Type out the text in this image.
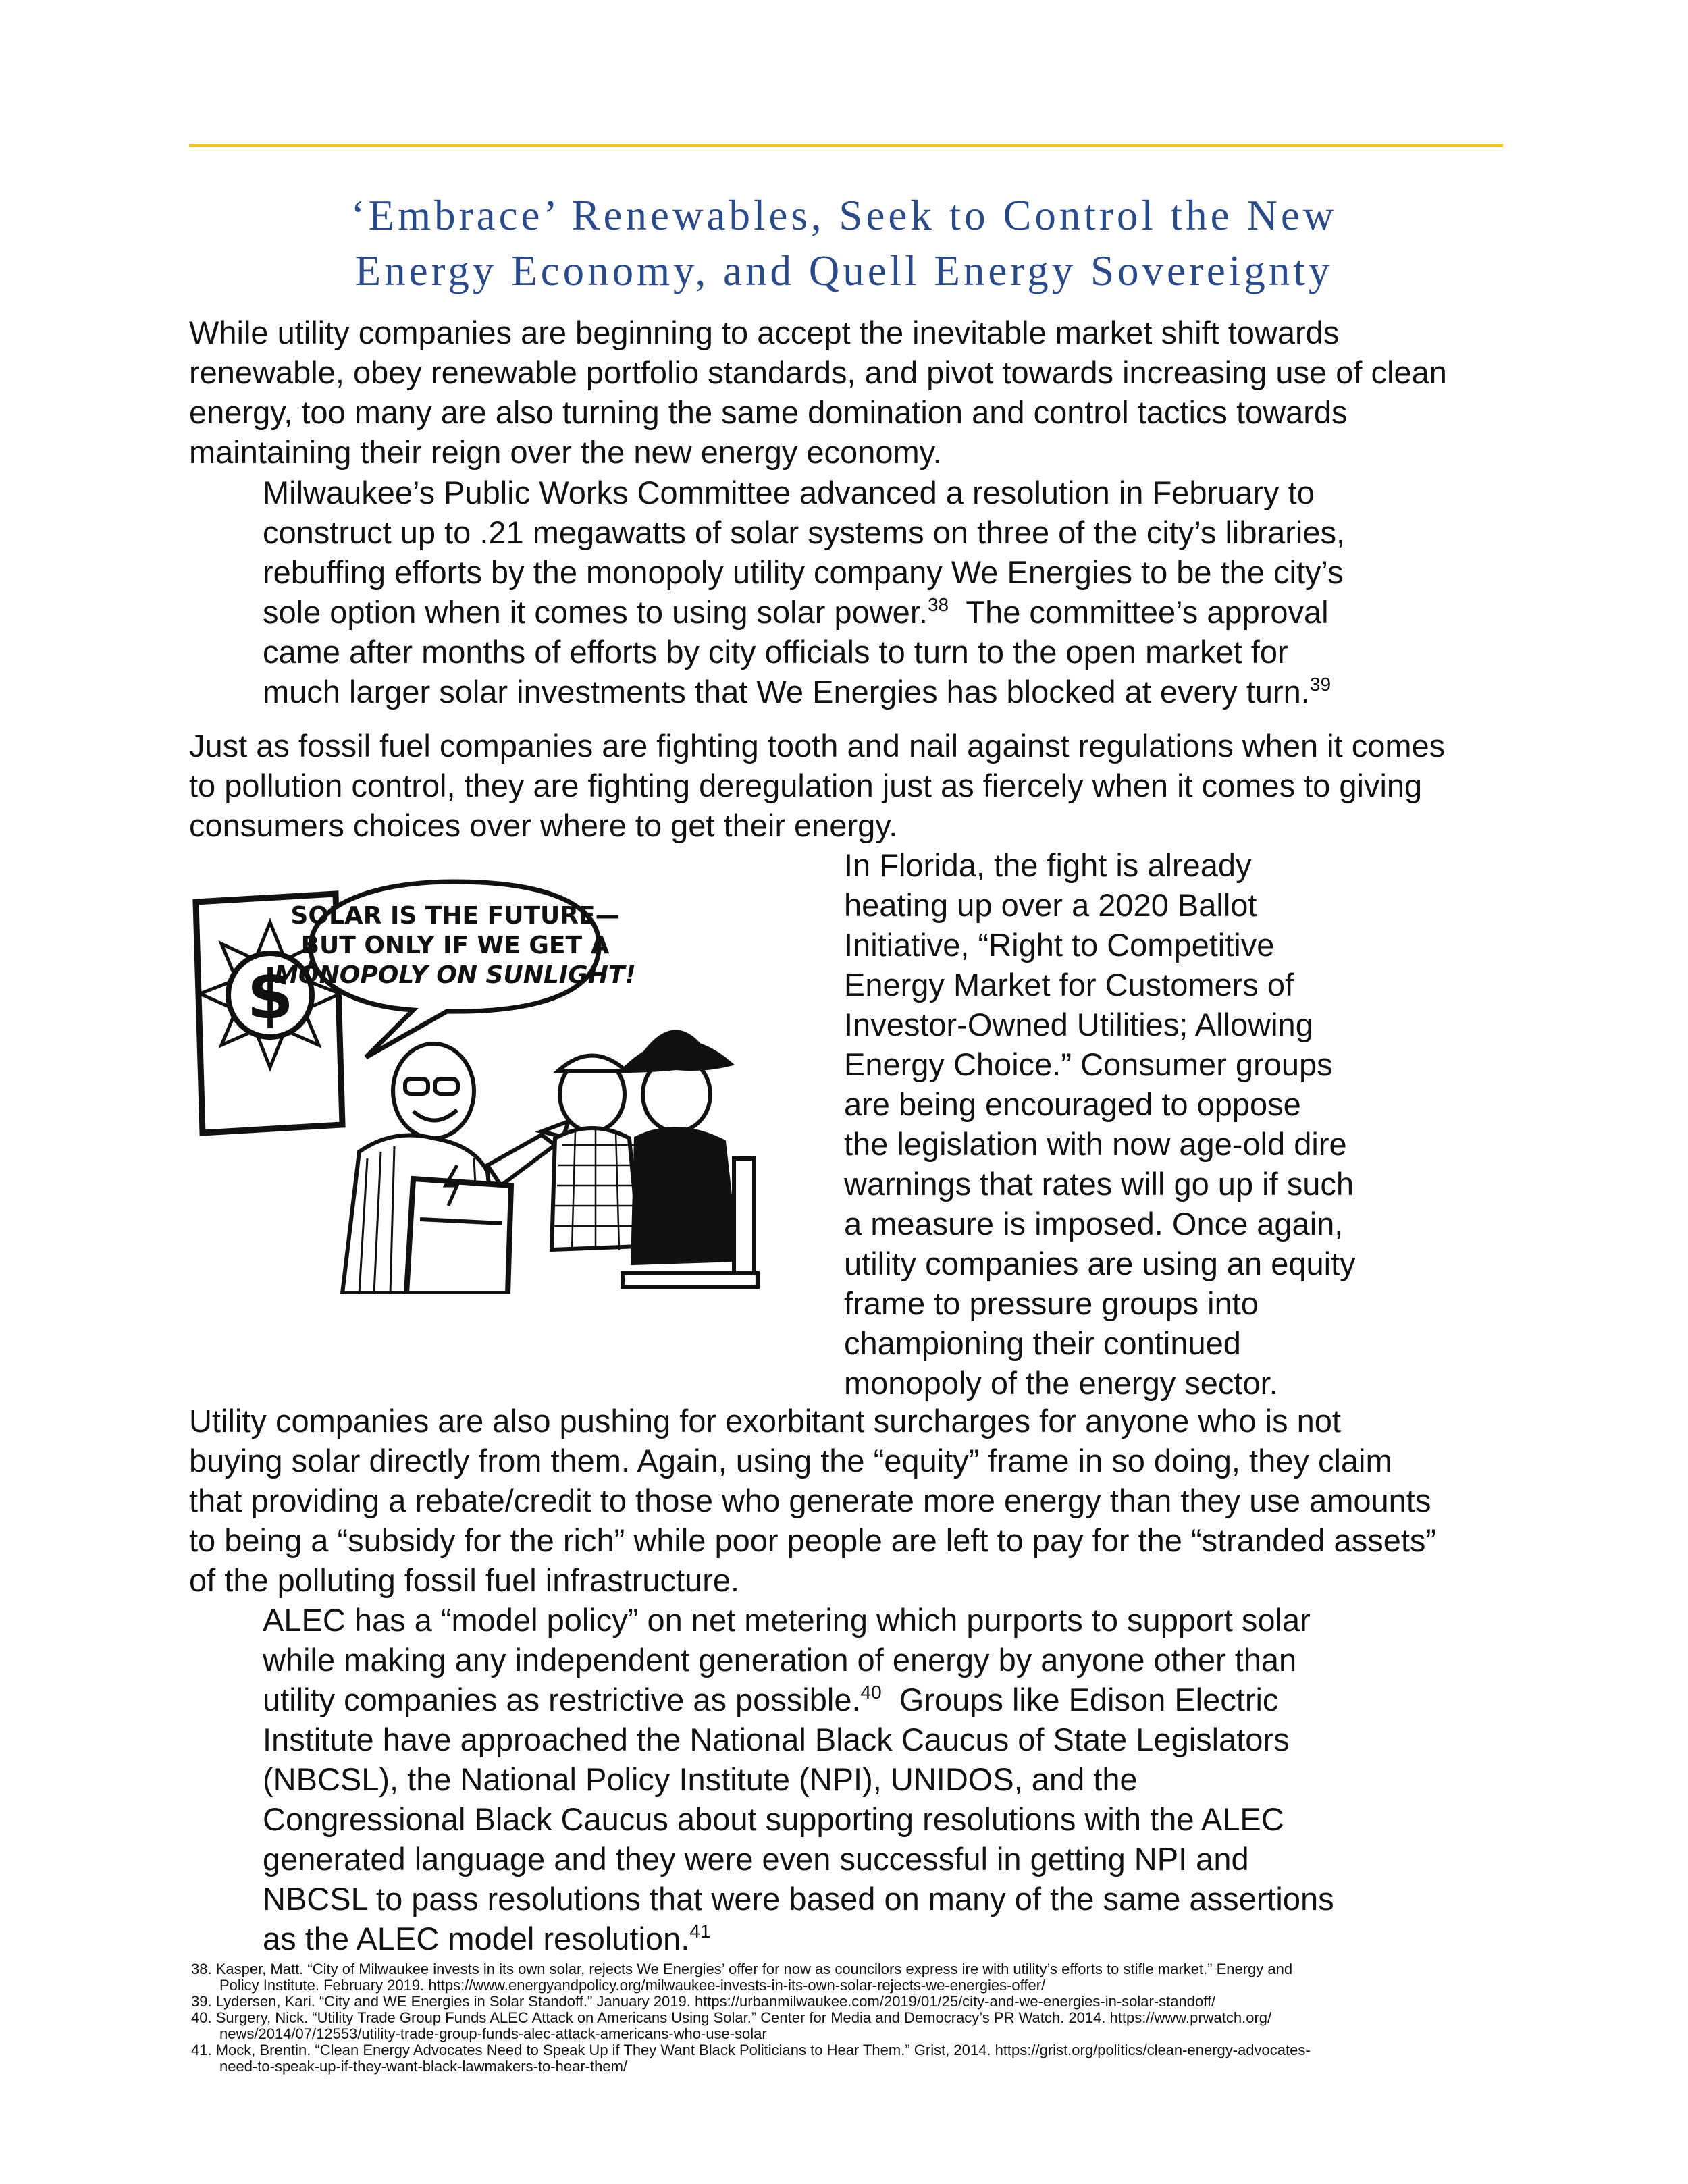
‘Embrace’ Renewables, Seek to Control the New
Energy Economy, and Quell Energy Sovereignty
While utility companies are beginning to accept the inevitable market shift towards
renewable, obey renewable portfolio standards, and pivot towards increasing use of clean
energy, too many are also turning the same domination and control tactics towards
maintaining their reign over the new energy economy.
Milwaukee’s Public Works Committee advanced a resolution in February to
construct up to .21 megawatts of solar systems on three of the city’s libraries,
rebuffing efforts by the monopoly utility company We Energies to be the city’s
sole option when it comes to using solar power.$^{38}$  The committee’s approval
came after months of efforts by city officials to turn to the open market for
much larger solar investments that We Energies has blocked at every turn.$^{39}$
Just as fossil fuel companies are fighting tooth and nail against regulations when it comes
to pollution control, they are fighting deregulation just as fiercely when it comes to giving
consumers choices over where to get their energy.
$
SOLAR IS THE FUTURE—
BUT ONLY IF WE GET A
MONOPOLY ON SUNLIGHT!
In Florida, the fight is already
heating up over a 2020 Ballot
Initiative, “Right to Competitive
Energy Market for Customers of
Investor-Owned Utilities; Allowing
Energy Choice.” Consumer groups
are being encouraged to oppose
the legislation with now age-old dire
warnings that rates will go up if such
a measure is imposed. Once again,
utility companies are using an equity
frame to pressure groups into
championing their continued
monopoly of the energy sector.
Utility companies are also pushing for exorbitant surcharges for anyone who is not
buying solar directly from them. Again, using the “equity” frame in so doing, they claim
that providing a rebate/credit to those who generate more energy than they use amounts
to being a “subsidy for the rich” while poor people are left to pay for the “stranded assets”
of the polluting fossil fuel infrastructure.
ALEC has a “model policy” on net metering which purports to support solar
while making any independent generation of energy by anyone other than
utility companies as restrictive as possible.$^{40}$  Groups like Edison Electric
Institute have approached the National Black Caucus of State Legislators
(NBCSL), the National Policy Institute (NPI), UNIDOS, and the
Congressional Black Caucus about supporting resolutions with the ALEC
generated language and they were even successful in getting NPI and
NBCSL to pass resolutions that were based on many of the same assertions
as the ALEC model resolution.$^{41}$
38. Kasper, Matt. “City of Milwaukee invests in its own solar, rejects We Energies’ offer for now as councilors express ire with utility’s efforts to stifle market.” Energy and
Policy Institute. February 2019. https://www.energyandpolicy.org/milwaukee-invests-in-its-own-solar-rejects-we-energies-offer/
39. Lydersen, Kari. “City and WE Energies in Solar Standoff.” January 2019. https://urbanmilwaukee.com/2019/01/25/city-and-we-energies-in-solar-standoff/
40. Surgery, Nick. “Utility Trade Group Funds ALEC Attack on Americans Using Solar.” Center for Media and Democracy’s PR Watch. 2014. https://www.prwatch.org/
news/2014/07/12553/utility-trade-group-funds-alec-attack-americans-who-use-solar
41. Mock, Brentin. “Clean Energy Advocates Need to Speak Up if They Want Black Politicians to Hear Them.” Grist, 2014. https://grist.org/politics/clean-energy-advocates-
need-to-speak-up-if-they-want-black-lawmakers-to-hear-them/
